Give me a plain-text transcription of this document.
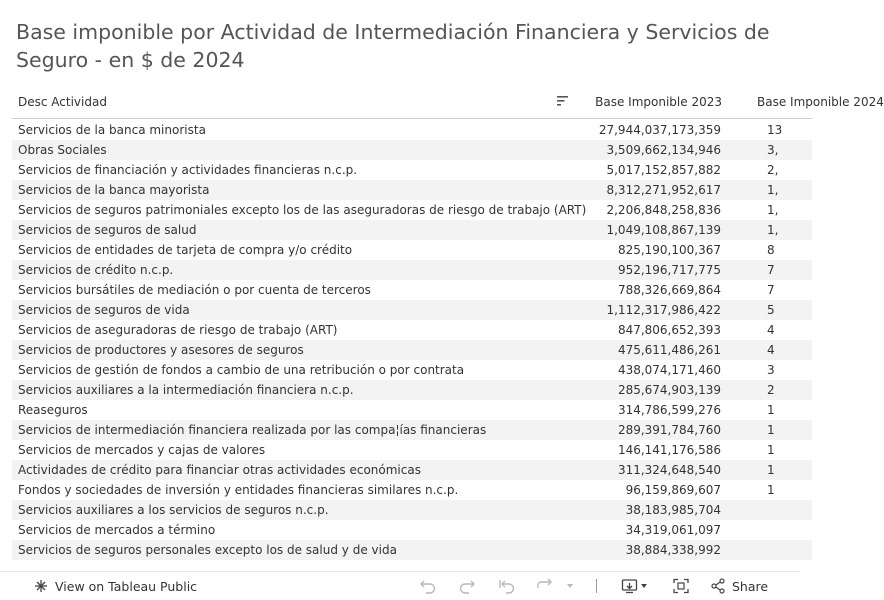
Base imponible por Actividad de Intermediación Financiera y Servicios de Seguro - en $ de 2024
Desc Actividad	Base Imponible 2023	Base Imponible 2024
Servicios de la banca minorista	27,944,037,173,359	13
Obras Sociales	3,509,662,134,946	3,
Servicios de financiación y actividades financieras n.c.p.	5,017,152,857,882	2,
Servicios de la banca mayorista	8,312,271,952,617	1,
Servicios de seguros patrimoniales excepto los de las aseguradoras de riesgo de trabajo (ART)	2,206,848,258,836	1,
Servicios de seguros de salud	1,049,108,867,139	1,
Servicios de entidades de tarjeta de compra y/o crédito	825,190,100,367	8
Servicios de crédito n.c.p.	952,196,717,775	7
Servicios bursátiles de mediación o por cuenta de terceros	788,326,669,864	7
Servicios de seguros de vida	1,112,317,986,422	5
Servicios de aseguradoras de riesgo de trabajo (ART)	847,806,652,393	4
Servicios de productores y asesores de seguros	475,611,486,261	4
Servicios de gestión de fondos a cambio de una retribución o por contrata	438,074,171,460	3
Servicios auxiliares a la intermediación financiera n.c.p.	285,674,903,139	2
Reaseguros	314,786,599,276	1
Servicios de intermediación financiera realizada por las compa¦ías financieras	289,391,784,760	1
Servicios de mercados y cajas de valores	146,141,176,586	1
Actividades de crédito para financiar otras actividades económicas	311,324,648,540	1
Fondos y sociedades de inversión y entidades financieras similares n.c.p.	96,159,869,607	1
Servicios auxiliares a los servicios de seguros n.c.p.	38,183,985,704
Servicios de mercados a término	34,319,061,097
Servicios de seguros personales excepto los de salud y de vida	38,884,338,992
View on Tableau Public	Share
